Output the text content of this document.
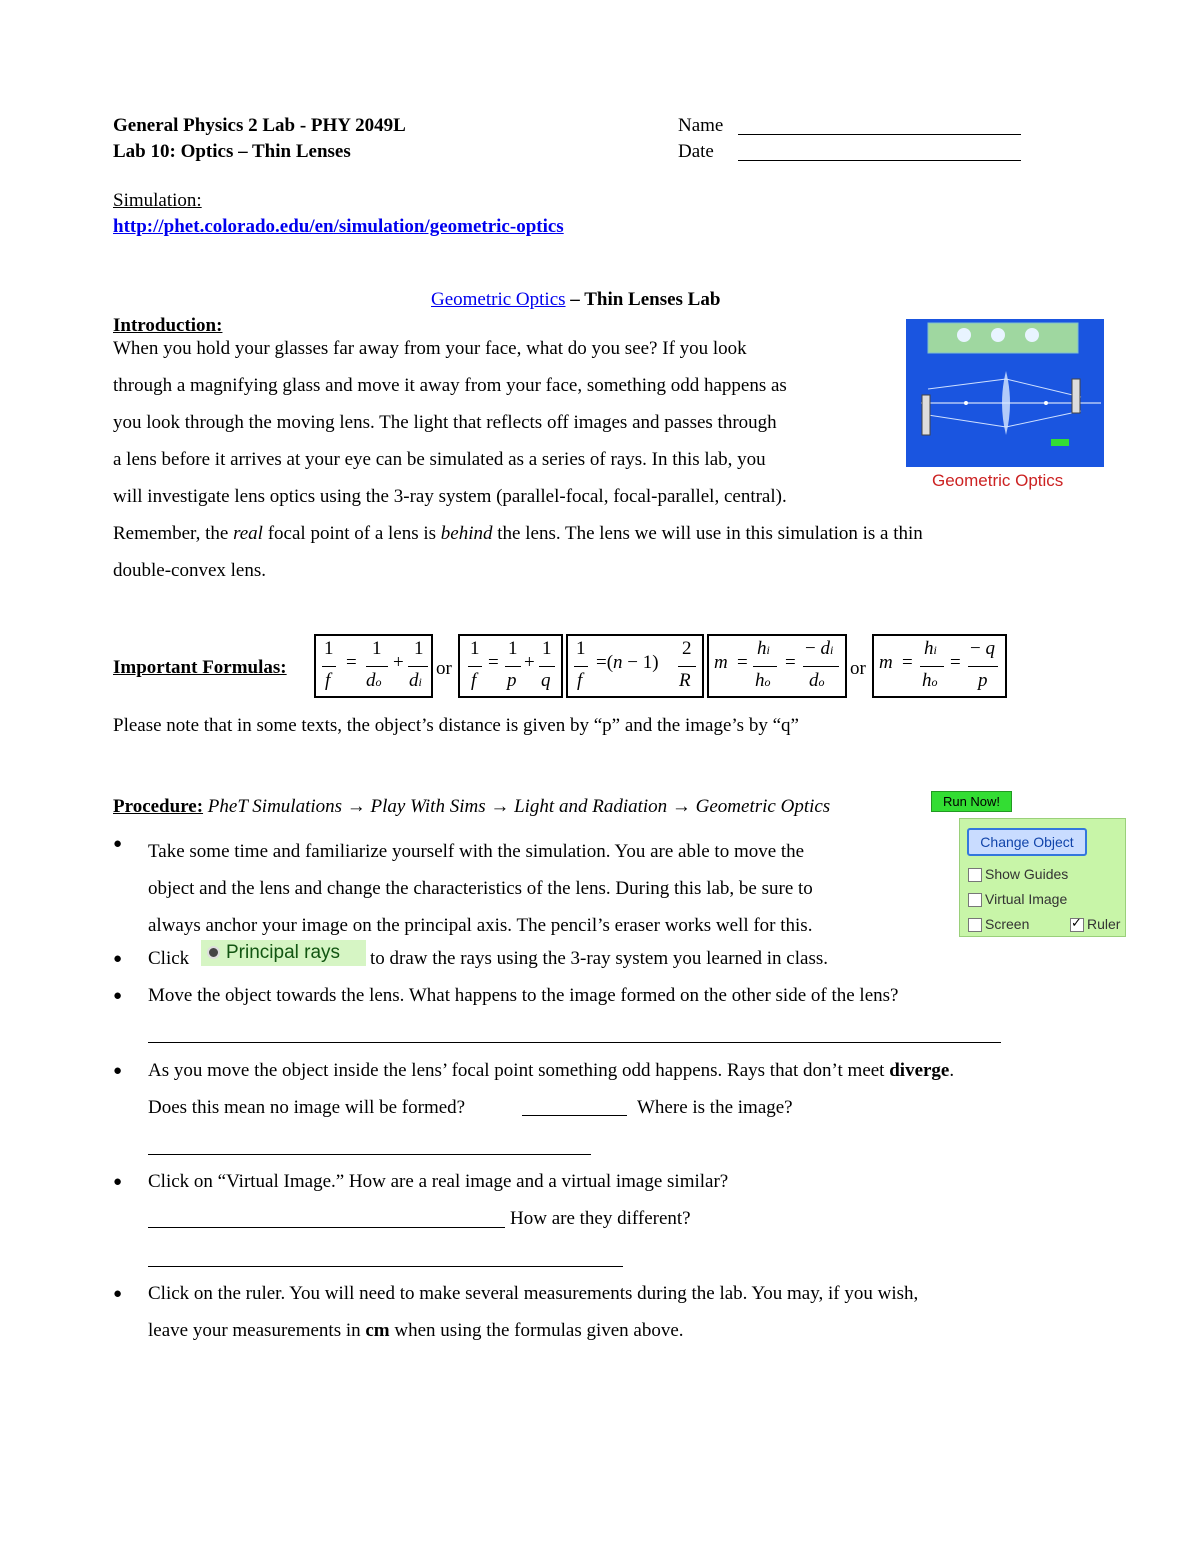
General Physics 2 Lab - PHY 2049L
Lab 10: Optics – Thin Lenses
Name
Date
Simulation:
http://phet.colorado.edu/en/simulation/geometric-optics
Geometric Optics – Thin Lenses Lab
Introduction:
When you hold your glasses far away from your face, what do you see? If you look
through a magnifying glass and move it away from your face, something odd happens as
you look through the moving lens. The light that reflects off images and passes through
a lens before it arrives at your eye can be simulated as a series of rays. In this lab, you
will investigate lens optics using the 3-ray system (parallel-focal, focal-parallel, central).
Remember, the real focal point of a lens is behind the lens. The lens we will use in this simulation is a thin
double-convex lens.
Geometric Optics
Important Formulas:
1
f
=
1
do
+
1
di
or
1
f
=
1
p
+
1
q
1
f
=(n − 1)
2
R
m =
hi
ho
=
− di
do
or m =
hi
ho
=
− q
p
Please note that in some texts, the object’s distance is given by “p” and the image’s by “q”
Procedure: PheT Simulations → Play With Sims → Light and Radiation → Geometric Optics	Run Now!
Change Object
Show Guides
Virtual Image
Screen	✓ Ruler
● Take some time and familiarize yourself with the simulation. You are able to move the
object and the lens and change the characteristics of the lens. During this lab, be sure to
always anchor your image on the principal axis. The pencil’s eraser works well for this.
● Click	Principal rays	to draw the rays using the 3-ray system you learned in class.
● Move the object towards the lens. What happens to the image formed on the other side of the lens?
● As you move the object inside the lens’ focal point something odd happens. Rays that don’t meet diverge.
Does this mean no image will be formed?	Where is the image?
● Click on “Virtual Image.” How are a real image and a virtual image similar?
How are they different?
● Click on the ruler. You will need to make several measurements during the lab. You may, if you wish,
leave your measurements in cm when using the formulas given above.
